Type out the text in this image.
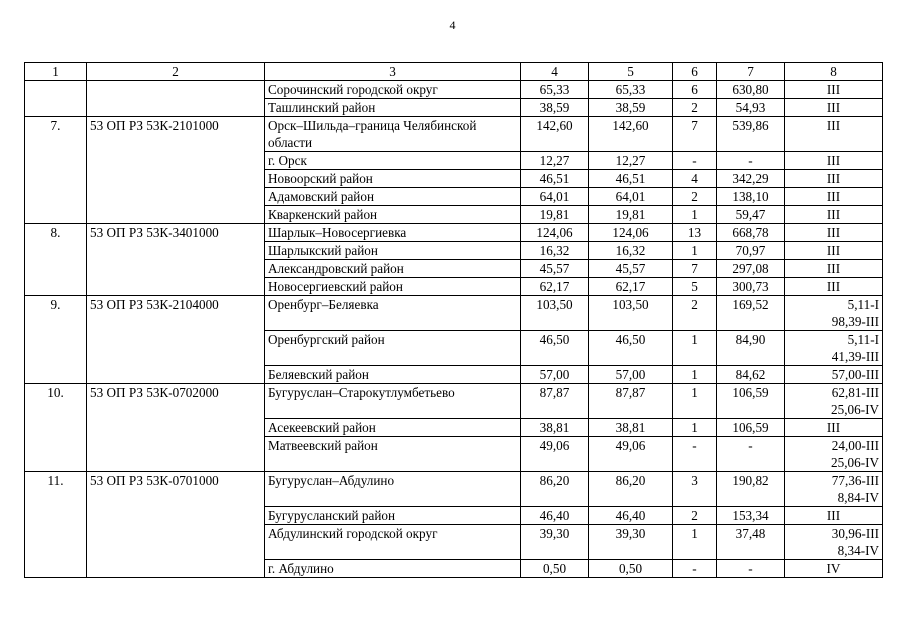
4
1	2	3	4	5	6	7	8
		Сорочинский городской округ	65,33	65,33	6	630,80	III
		Ташлинский район	38,59	38,59	2	54,93	III
7.	53 ОП РЗ 53К-2101000	Орск–Шильда–граница Челябинской области	142,60	142,60	7	539,86	III
		г. Орск	12,27	12,27	-	-	III
		Новоорский район	46,51	46,51	4	342,29	III
		Адамовский район	64,01	64,01	2	138,10	III
		Кваркенский район	19,81	19,81	1	59,47	III
8.	53 ОП РЗ 53К-3401000	Шарлык–Новосергиевка	124,06	124,06	13	668,78	III
		Шарлыкский район	16,32	16,32	1	70,97	III
		Александровский район	45,57	45,57	7	297,08	III
		Новосергиевский район	62,17	62,17	5	300,73	III
9.	53 ОП РЗ 53К-2104000	Оренбург–Беляевка	103,50	103,50	2	169,52	5,11-I
98,39-III

		Оренбургский район	46,50	46,50	1	84,90	5,11-I
41,39-III

		Беляевский район	57,00	57,00	1	84,62	57,00-III
10.	53 ОП РЗ 53К-0702000	Бугуруслан–Старокутлумбетьево	87,87	87,87	1	106,59	62,81-III
25,06-IV

		Асекеевский район	38,81	38,81	1	106,59	III
		Матвеевский район	49,06	49,06	-	-	24,00-III
25,06-IV

11.	53 ОП РЗ 53К-0701000	Бугуруслан–Абдулино	86,20	86,20	3	190,82	77,36-III
8,84-IV

		Бугурусланский район	46,40	46,40	2	153,34	III
		Абдулинский городской округ	39,30	39,30	1	37,48	30,96-III
8,34-IV

		г. Абдулино	0,50	0,50	-	-	IV
